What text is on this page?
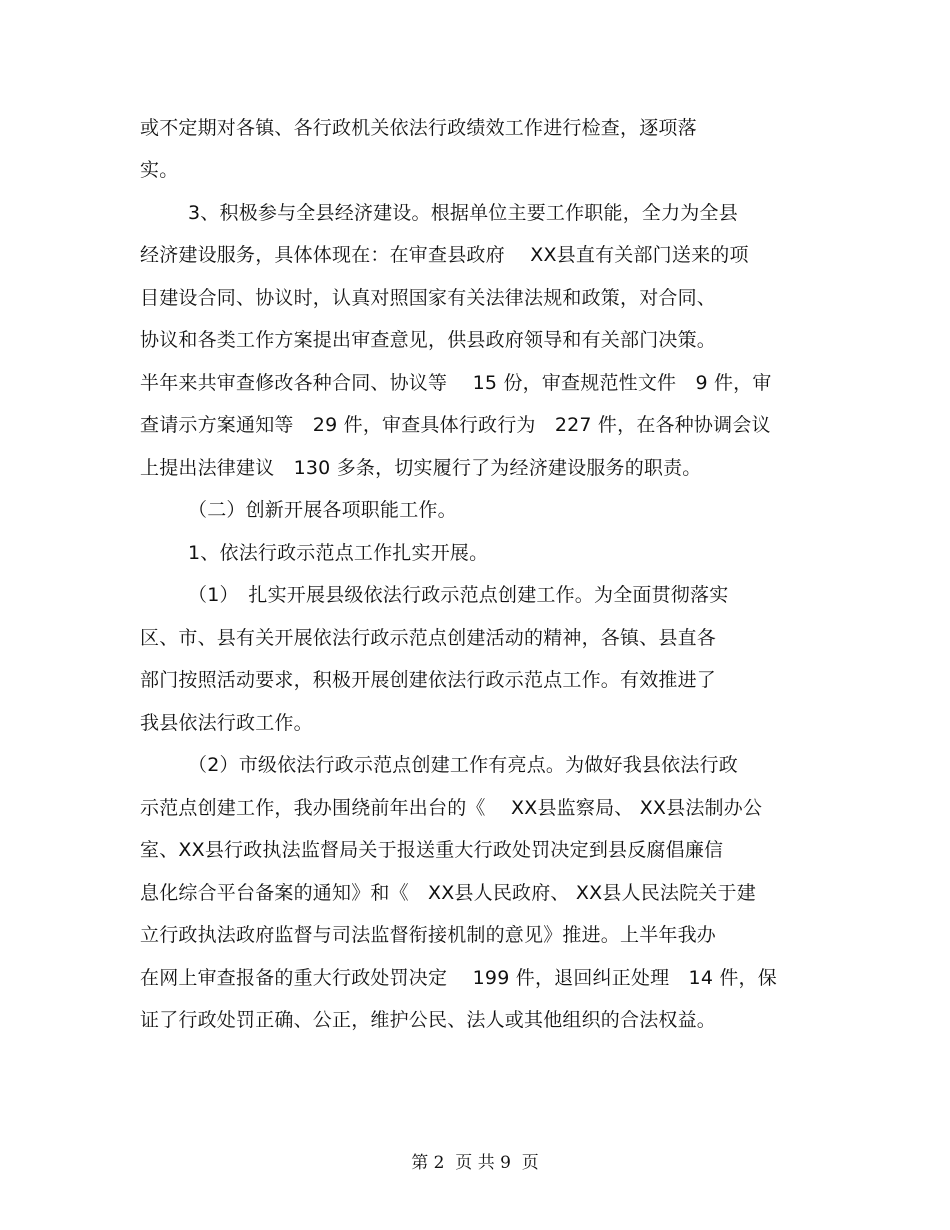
或不定期对各镇、各行政机关依法行政绩效工作进行检查，逐项落
实。
3、积极参与全县经济建设。根据单位主要工作职能，全力为全县
经济建设服务，具体体现在：在审查县政府　 XX县直有关部门送来的项
目建设合同、协议时，认真对照国家有关法律法规和政策，对合同、
协议和各类工作方案提出审查意见，供县政府领导和有关部门决策。
半年来共审查修改各种合同、协议等　 15 份，审查规范性文件　9 件，审
查请示方案通知等　29 件，审查具体行政行为　227 件，在各种协调会议
上提出法律建议　130 多条，切实履行了为经济建设服务的职责。
（二）创新开展各项职能工作。
1、依法行政示范点工作扎实开展。
（1）　扎实开展县级依法行政示范点创建工作。为全面贯彻落实
区、市、县有关开展依法行政示范点创建活动的精神，各镇、县直各
部门按照活动要求，积极开展创建依法行政示范点工作。有效推进了
我县依法行政工作。
（2）市级依法行政示范点创建工作有亮点。为做好我县依法行政
示范点创建工作，我办围绕前年出台的《　 XX县监察局、 XX县法制办公
室、XX县行政执法监督局关于报送重大行政处罚决定到县反腐倡廉信
息化综合平台备案的通知》和《　XX县人民政府、 XX县人民法院关于建
立行政执法政府监督与司法监督衔接机制的意见》推进。上半年我办
在网上审查报备的重大行政处罚决定　 199 件，退回纠正处理　14 件，保
证了行政处罚正确、公正，维护公民、法人或其他组织的合法权益。
第 2  页 共 9  页
